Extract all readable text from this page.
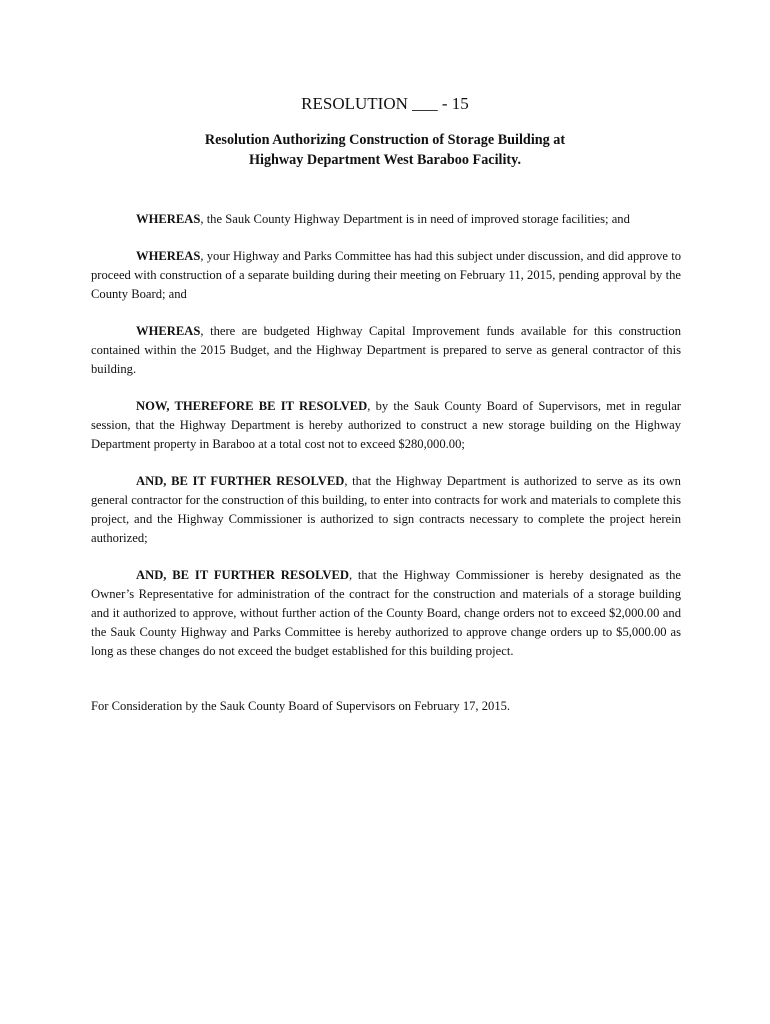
RESOLUTION ___ - 15
Resolution Authorizing Construction of Storage Building at
Highway Department West Baraboo Facility.
WHEREAS, the Sauk County Highway Department is in need of improved storage facilities; and
WHEREAS, your Highway and Parks Committee has had this subject under discussion, and did approve to proceed with construction of a separate building during their meeting on February 11, 2015, pending approval by the County Board; and
WHEREAS, there are budgeted Highway Capital Improvement funds available for this construction contained within the 2015 Budget, and the Highway Department is prepared to serve as general contractor of this building.
NOW, THEREFORE BE IT RESOLVED, by the Sauk County Board of Supervisors, met in regular session, that the Highway Department is hereby authorized to construct a new storage building on the Highway Department property in Baraboo at a total cost not to exceed $280,000.00;
AND, BE IT FURTHER RESOLVED, that the Highway Department is authorized to serve as its own general contractor for the construction of this building, to enter into contracts for work and materials to complete this project, and the Highway Commissioner is authorized to sign contracts necessary to complete the project herein authorized;
AND, BE IT FURTHER RESOLVED, that the Highway Commissioner is hereby designated as the Owner’s Representative for administration of the contract for the construction and materials of a storage building and it authorized to approve, without further action of the County Board, change orders not to exceed $2,000.00 and the Sauk County Highway and Parks Committee is hereby authorized to approve change orders up to $5,000.00 as long as these changes do not exceed the budget established for this building project.
For Consideration by the Sauk County Board of Supervisors on February 17, 2015.
